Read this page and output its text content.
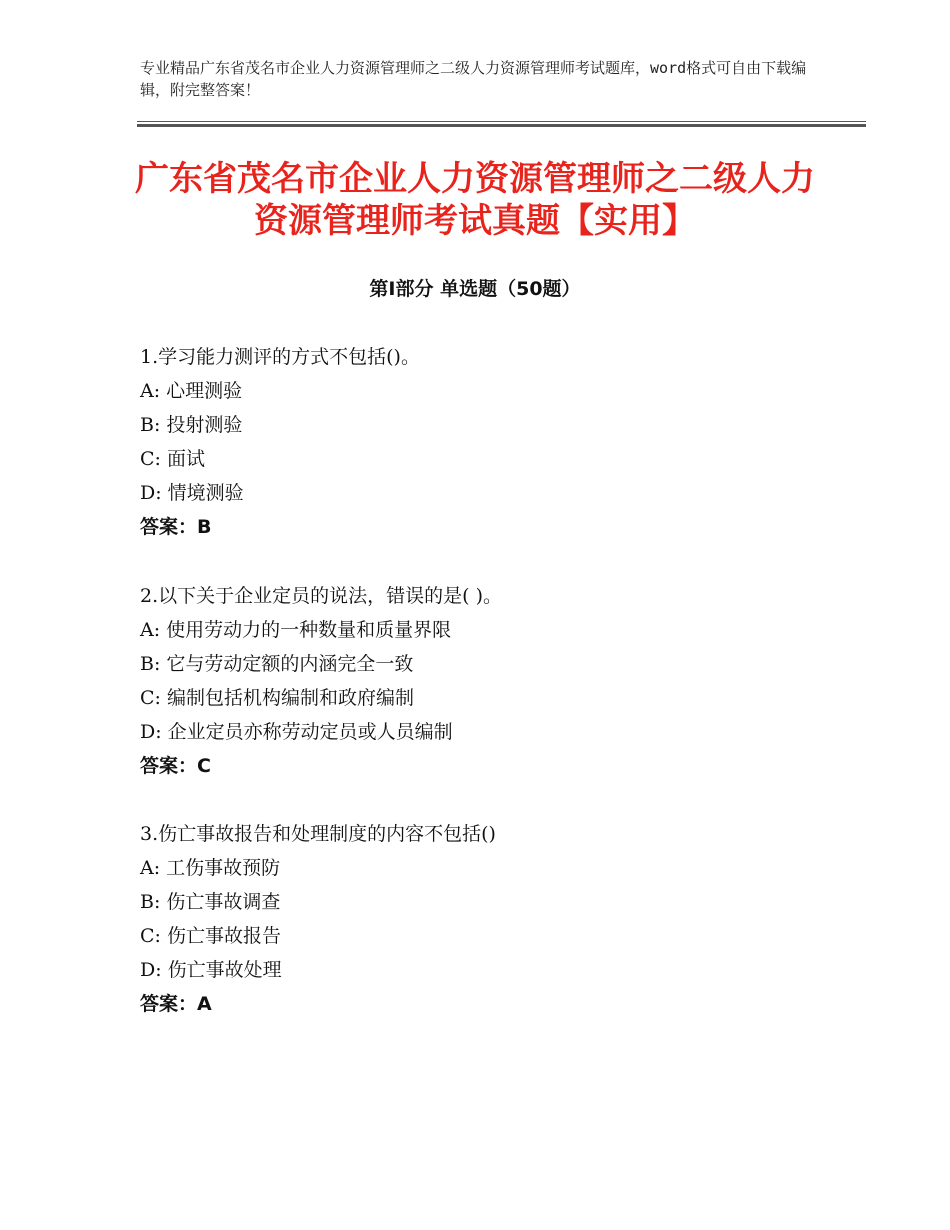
专业精品广东省茂名市企业人力资源管理师之二级人力资源管理师考试题库，word格式可自由下载编辑，附完整答案！
广东省茂名市企业人力资源管理师之二级人力资源管理师考试真题【实用】
第Ⅰ部分 单选题（50题）
1.学习能力测评的方式不包括()。
A: 心理测验
B: 投射测验
C: 面试
D: 情境测验
答案：B
2.以下关于企业定员的说法，错误的是( )。
A: 使用劳动力的一种数量和质量界限
B: 它与劳动定额的内涵完全一致
C: 编制包括机构编制和政府编制
D: 企业定员亦称劳动定员或人员编制
答案：C
3.伤亡事故报告和处理制度的内容不包括()
A: 工伤事故预防
B: 伤亡事故调查
C: 伤亡事故报告
D: 伤亡事故处理
答案：A
